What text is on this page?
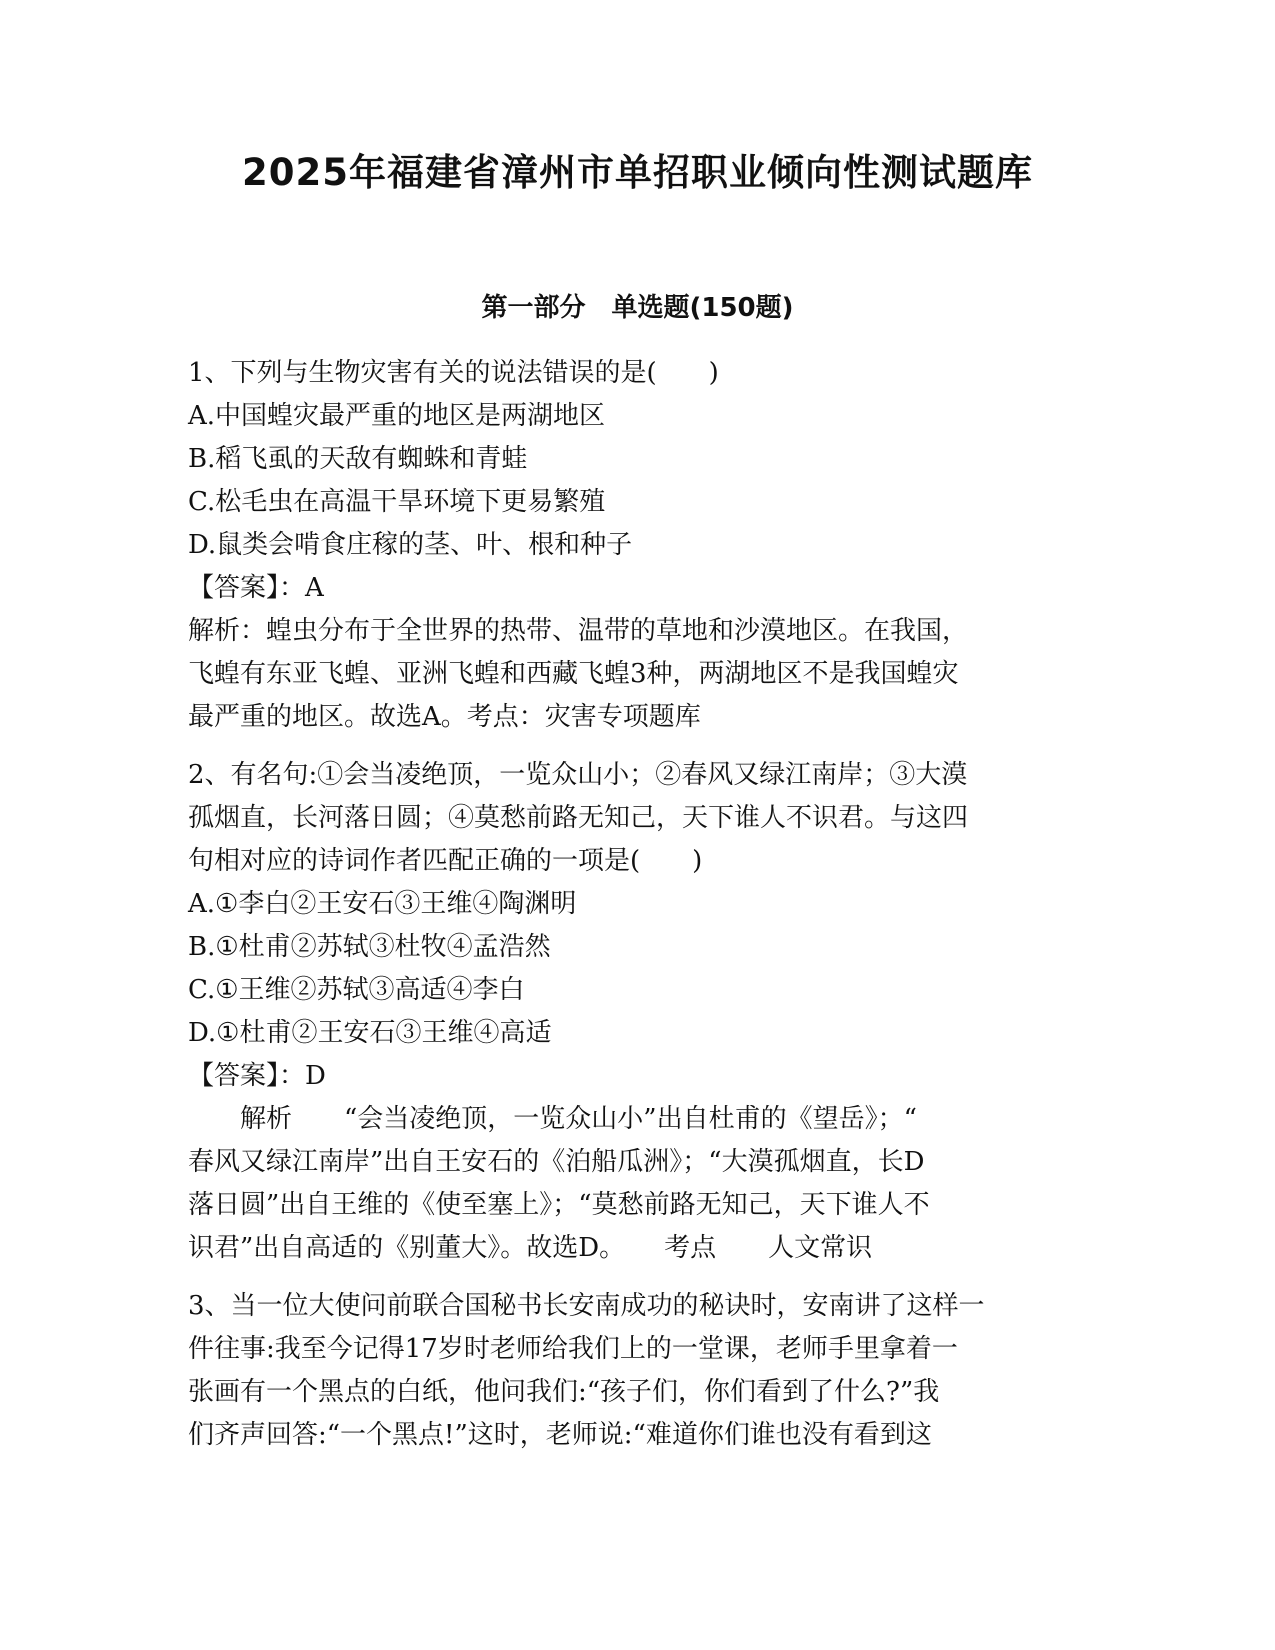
2025年福建省漳州市单招职业倾向性测试题库
第一部分　单选题(150题)
1、下列与生物灾害有关的说法错误的是(　　)
A.中国蝗灾最严重的地区是两湖地区
B.稻飞虱的天敌有蜘蛛和青蛙
C.松毛虫在高温干旱环境下更易繁殖
D.鼠类会啃食庄稼的茎、叶、根和种子
【答案】：A
解析：蝗虫分布于全世界的热带、温带的草地和沙漠地区。在我国，
飞蝗有东亚飞蝗、亚洲飞蝗和西藏飞蝗3种，两湖地区不是我国蝗灾
最严重的地区。故选A。考点：灾害专项题库
2、有名句:①会当凌绝顶，一览众山小；②春风又绿江南岸；③大漠
孤烟直，长河落日圆；④莫愁前路无知己，天下谁人不识君。与这四
句相对应的诗词作者匹配正确的一项是(　　)
A.①李白②王安石③王维④陶渊明
B.①杜甫②苏轼③杜牧④孟浩然
C.①王维②苏轼③高适④李白
D.①杜甫②王安石③王维④高适
【答案】：D
　　解析　　“会当凌绝顶，一览众山小”出自杜甫的《望岳》；“
春风又绿江南岸”出自王安石的《泊船瓜洲》；“大漠孤烟直，长D
落日圆”出自王维的《使至塞上》；“莫愁前路无知己，天下谁人不
识君”出自高适的《别董大》。故选D。　　考点　　人文常识
3、当一位大使问前联合国秘书长安南成功的秘诀时，安南讲了这样一
件往事:我至今记得17岁时老师给我们上的一堂课，老师手里拿着一
张画有一个黑点的白纸，他问我们:“孩子们，你们看到了什么?”我
们齐声回答:“一个黑点!”这时，老师说:“难道你们谁也没有看到这
